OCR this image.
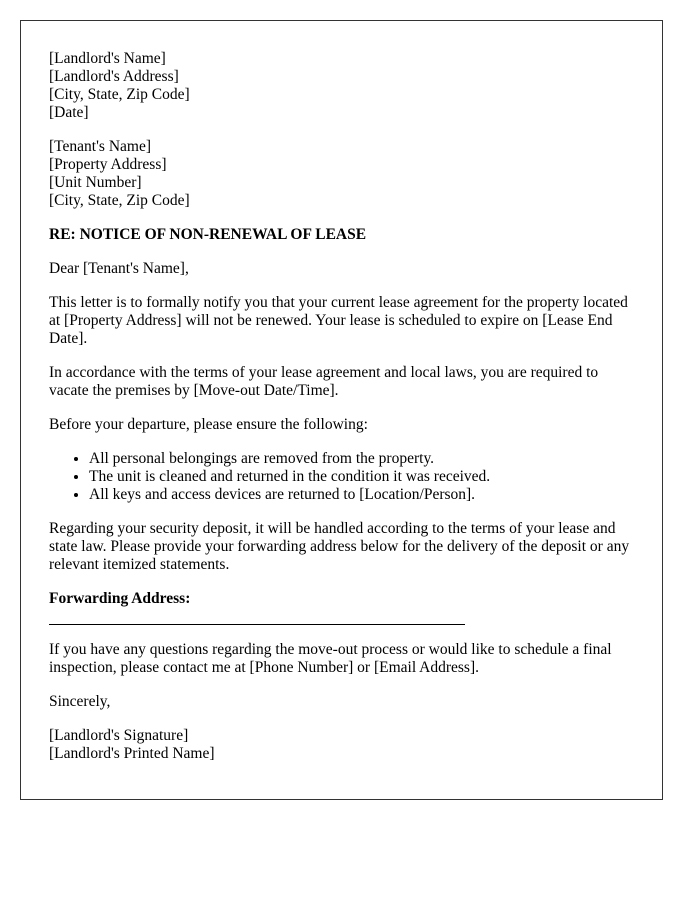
[Landlord's Name]
[Landlord's Address]
[City, State, Zip Code]
[Date]

[Tenant's Name]
[Property Address]
[Unit Number]
[City, State, Zip Code]

RE: NOTICE OF NON-RENEWAL OF LEASE

Dear [Tenant's Name],

This letter is to formally notify you that your current lease agreement for the property located at [Property Address] will not be renewed. Your lease is scheduled to expire on [Lease End Date].

In accordance with the terms of your lease agreement and local laws, you are required to vacate the premises by [Move-out Date/Time].

Before your departure, please ensure the following:

• All personal belongings are removed from the property.
• The unit is cleaned and returned in the condition it was received.
• All keys and access devices are returned to [Location/Person].

Regarding your security deposit, it will be handled according to the terms of your lease and state law. Please provide your forwarding address below for the delivery of the deposit or any relevant itemized statements.

Forwarding Address:

If you have any questions regarding the move-out process or would like to schedule a final inspection, please contact me at [Phone Number] or [Email Address].

Sincerely,

[Landlord's Signature]
[Landlord's Printed Name]
